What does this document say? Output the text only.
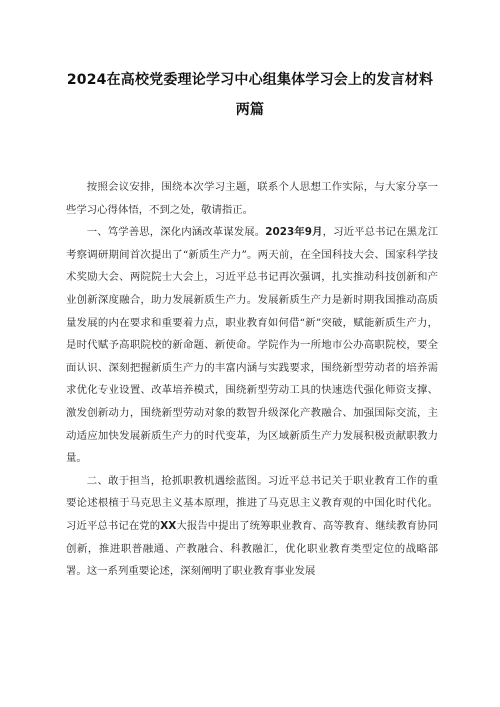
2024在高校党委理论学习中心组集体学习会上的发言材料
两篇

按照会议安排，围绕本次学习主题，联系个人思想工作实际，与大家分享一些学习心得体悟，不到之处，敬请指正。

一、笃学善思，深化内涵改革谋发展。2023年9月，习近平总书记在黑龙江考察调研期间首次提出了“新质生产力”。两天前，在全国科技大会、国家科学技术奖励大会、两院院士大会上，习近平总书记再次强调，扎实推动科技创新和产业创新深度融合，助力发展新质生产力。发展新质生产力是新时期我国推动高质量发展的内在要求和重要着力点，职业教育如何借“新”突破，赋能新质生产力，是时代赋予高职院校的新命题、新使命。学院作为一所地市公办高职院校，要全面认识、深刻把握新质生产力的丰富内涵与实践要求，围绕新型劳动者的培养需求优化专业设置、改革培养模式，围绕新型劳动工具的快速迭代强化师资支撑、激发创新动力，围绕新型劳动对象的数智升级深化产教融合、加强国际交流，主动适应加快发展新质生产力的时代变革，为区域新质生产力发展积极贡献职教力量。

二、敢于担当，抢抓职教机遇绘蓝图。习近平总书记关于职业教育工作的重要论述根植于马克思主义基本原理，推进了马克思主义教育观的中国化时代化。习近平总书记在党的XX大报告中提出了统筹职业教育、高等教育、继续教育协同创新，推进职普融通、产教融合、科教融汇，优化职业教育类型定位的战略部署。这一系列重要论述，深刻阐明了职业教育事业发展
